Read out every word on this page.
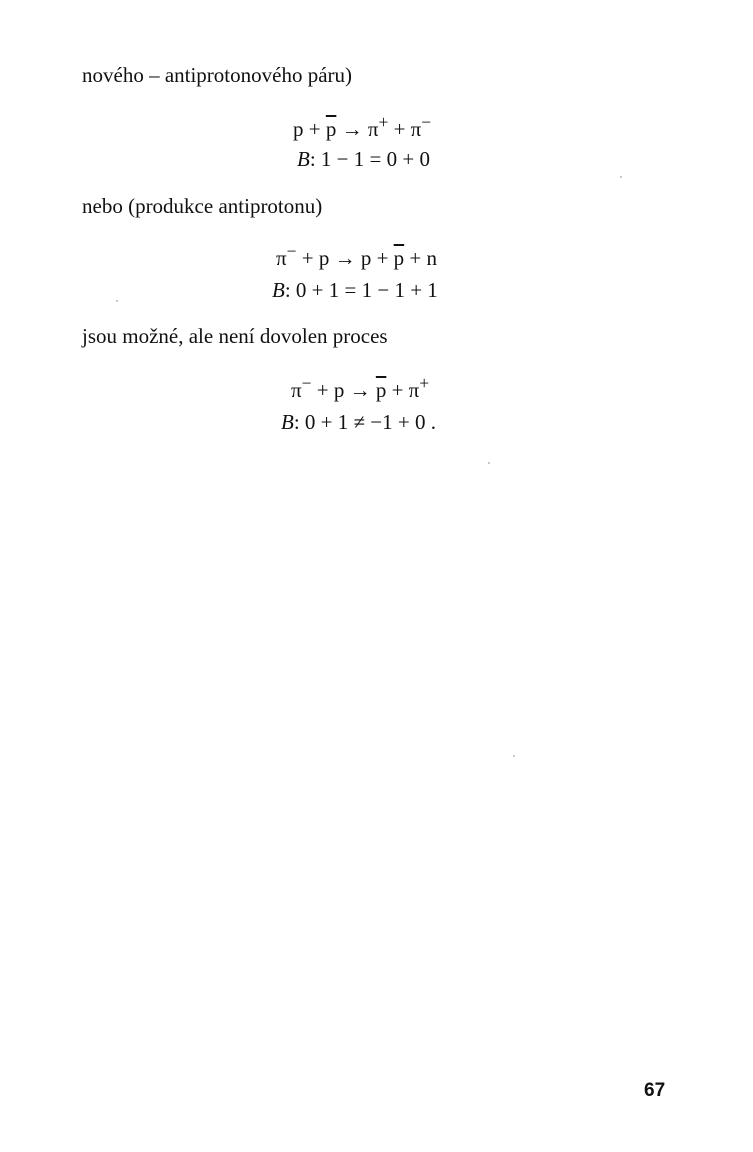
nového – antiprotonového páru)
$p + \overline{p} \to \pi^+ + \pi^-$
B: 1 − 1 = 0 + 0
nebo (produkce antiprotonu)
$\pi^- + p \to p + \overline{p} + n$
B: 0 + 1 = 1 − 1 + 1
jsou možné, ale není dovolen proces
$\pi^- + p \to \overline{p} + \pi^+$
B: 0 + 1 ≠ −1 + 0 .
67
